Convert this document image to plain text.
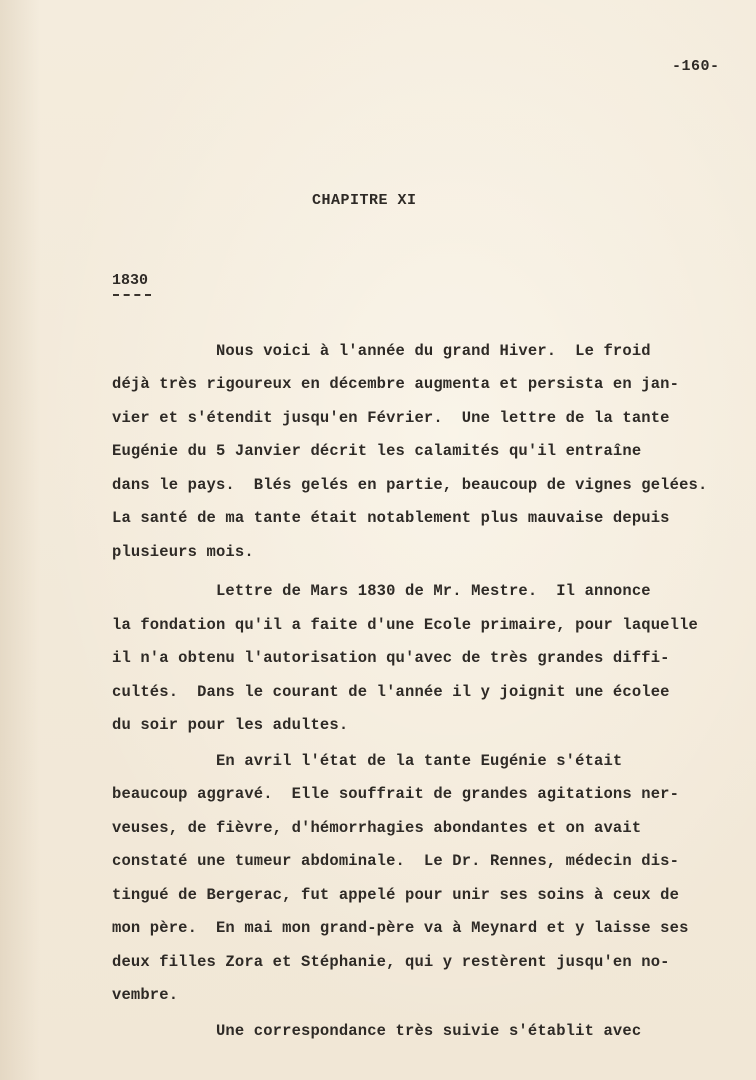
-160-
CHAPITRE XI
1830
Nous voici à l'année du grand Hiver.  Le froid
déjà très rigoureux en décembre augmenta et persista en jan-
vier et s'étendit jusqu'en Février.  Une lettre de la tante
Eugénie du 5 Janvier décrit les calamités qu'il entraîne
dans le pays.  Blés gelés en partie, beaucoup de vignes gelées.
La santé de ma tante était notablement plus mauvaise depuis
plusieurs mois.
Lettre de Mars 1830 de Mr. Mestre.  Il annonce
la fondation qu'il a faite d'une Ecole primaire, pour laquelle
il n'a obtenu l'autorisation qu'avec de très grandes diffi-
cultés.  Dans le courant de l'année il y joignit une écolee
du soir pour les adultes.
En avril l'état de la tante Eugénie s'était
beaucoup aggravé.  Elle souffrait de grandes agitations ner-
veuses, de fièvre, d'hémorrhagies abondantes et on avait
constaté une tumeur abdominale.  Le Dr. Rennes, médecin dis-
tingué de Bergerac, fut appelé pour unir ses soins à ceux de
mon père.  En mai mon grand-père va à Meynard et y laisse ses
deux filles Zora et Stéphanie, qui y restèrent jusqu'en no-
vembre.
Une correspondance très suivie s'établit avec
